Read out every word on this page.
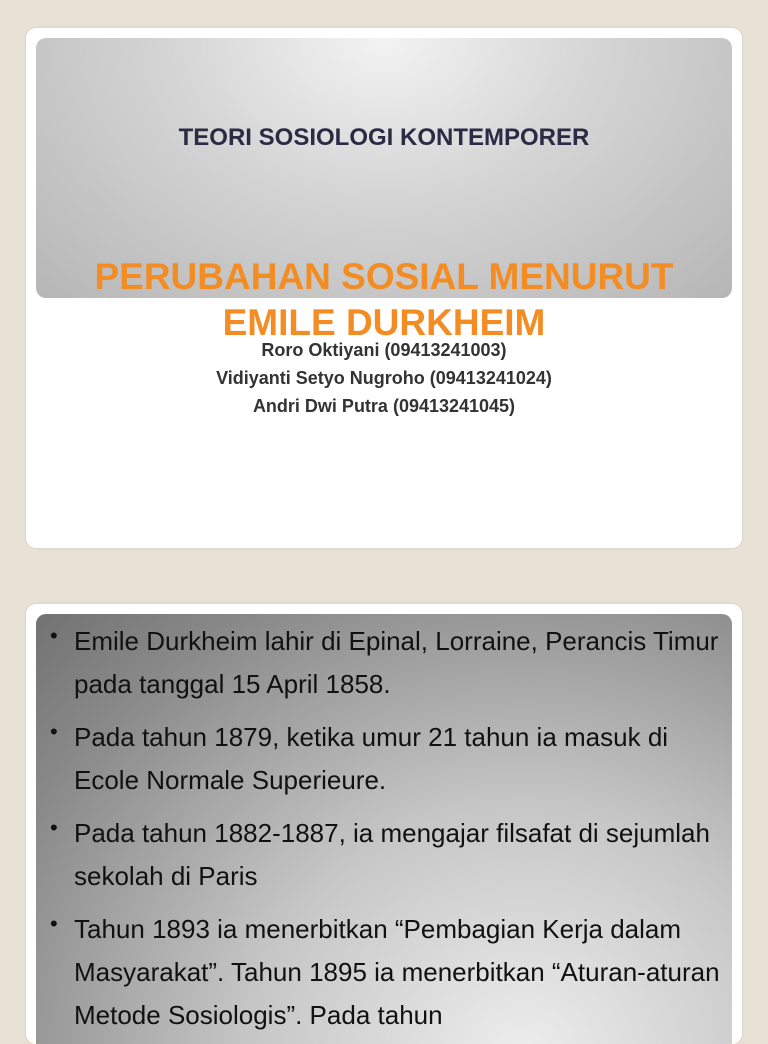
TEORI SOSIOLOGI KONTEMPORER
PERUBAHAN SOSIAL MENURUT
EMILE DURKHEIM
Roro Oktiyani (09413241003)
Vidiyanti Setyo Nugroho (09413241024)
Andri Dwi Putra (09413241045)
• Emile Durkheim lahir di Epinal, Lorraine, Perancis Timur pada tanggal 15 April 1858.
• Pada tahun 1879, ketika umur 21 tahun ia masuk di Ecole Normale Superieure.
• Pada tahun 1882-1887, ia mengajar filsafat di sejumlah sekolah di Paris
• Tahun 1893 ia menerbitkan “Pembagian Kerja dalam Masyarakat”. Tahun 1895 ia menerbitkan “Aturan-aturan Metode Sosiologis”. Pada tahun
